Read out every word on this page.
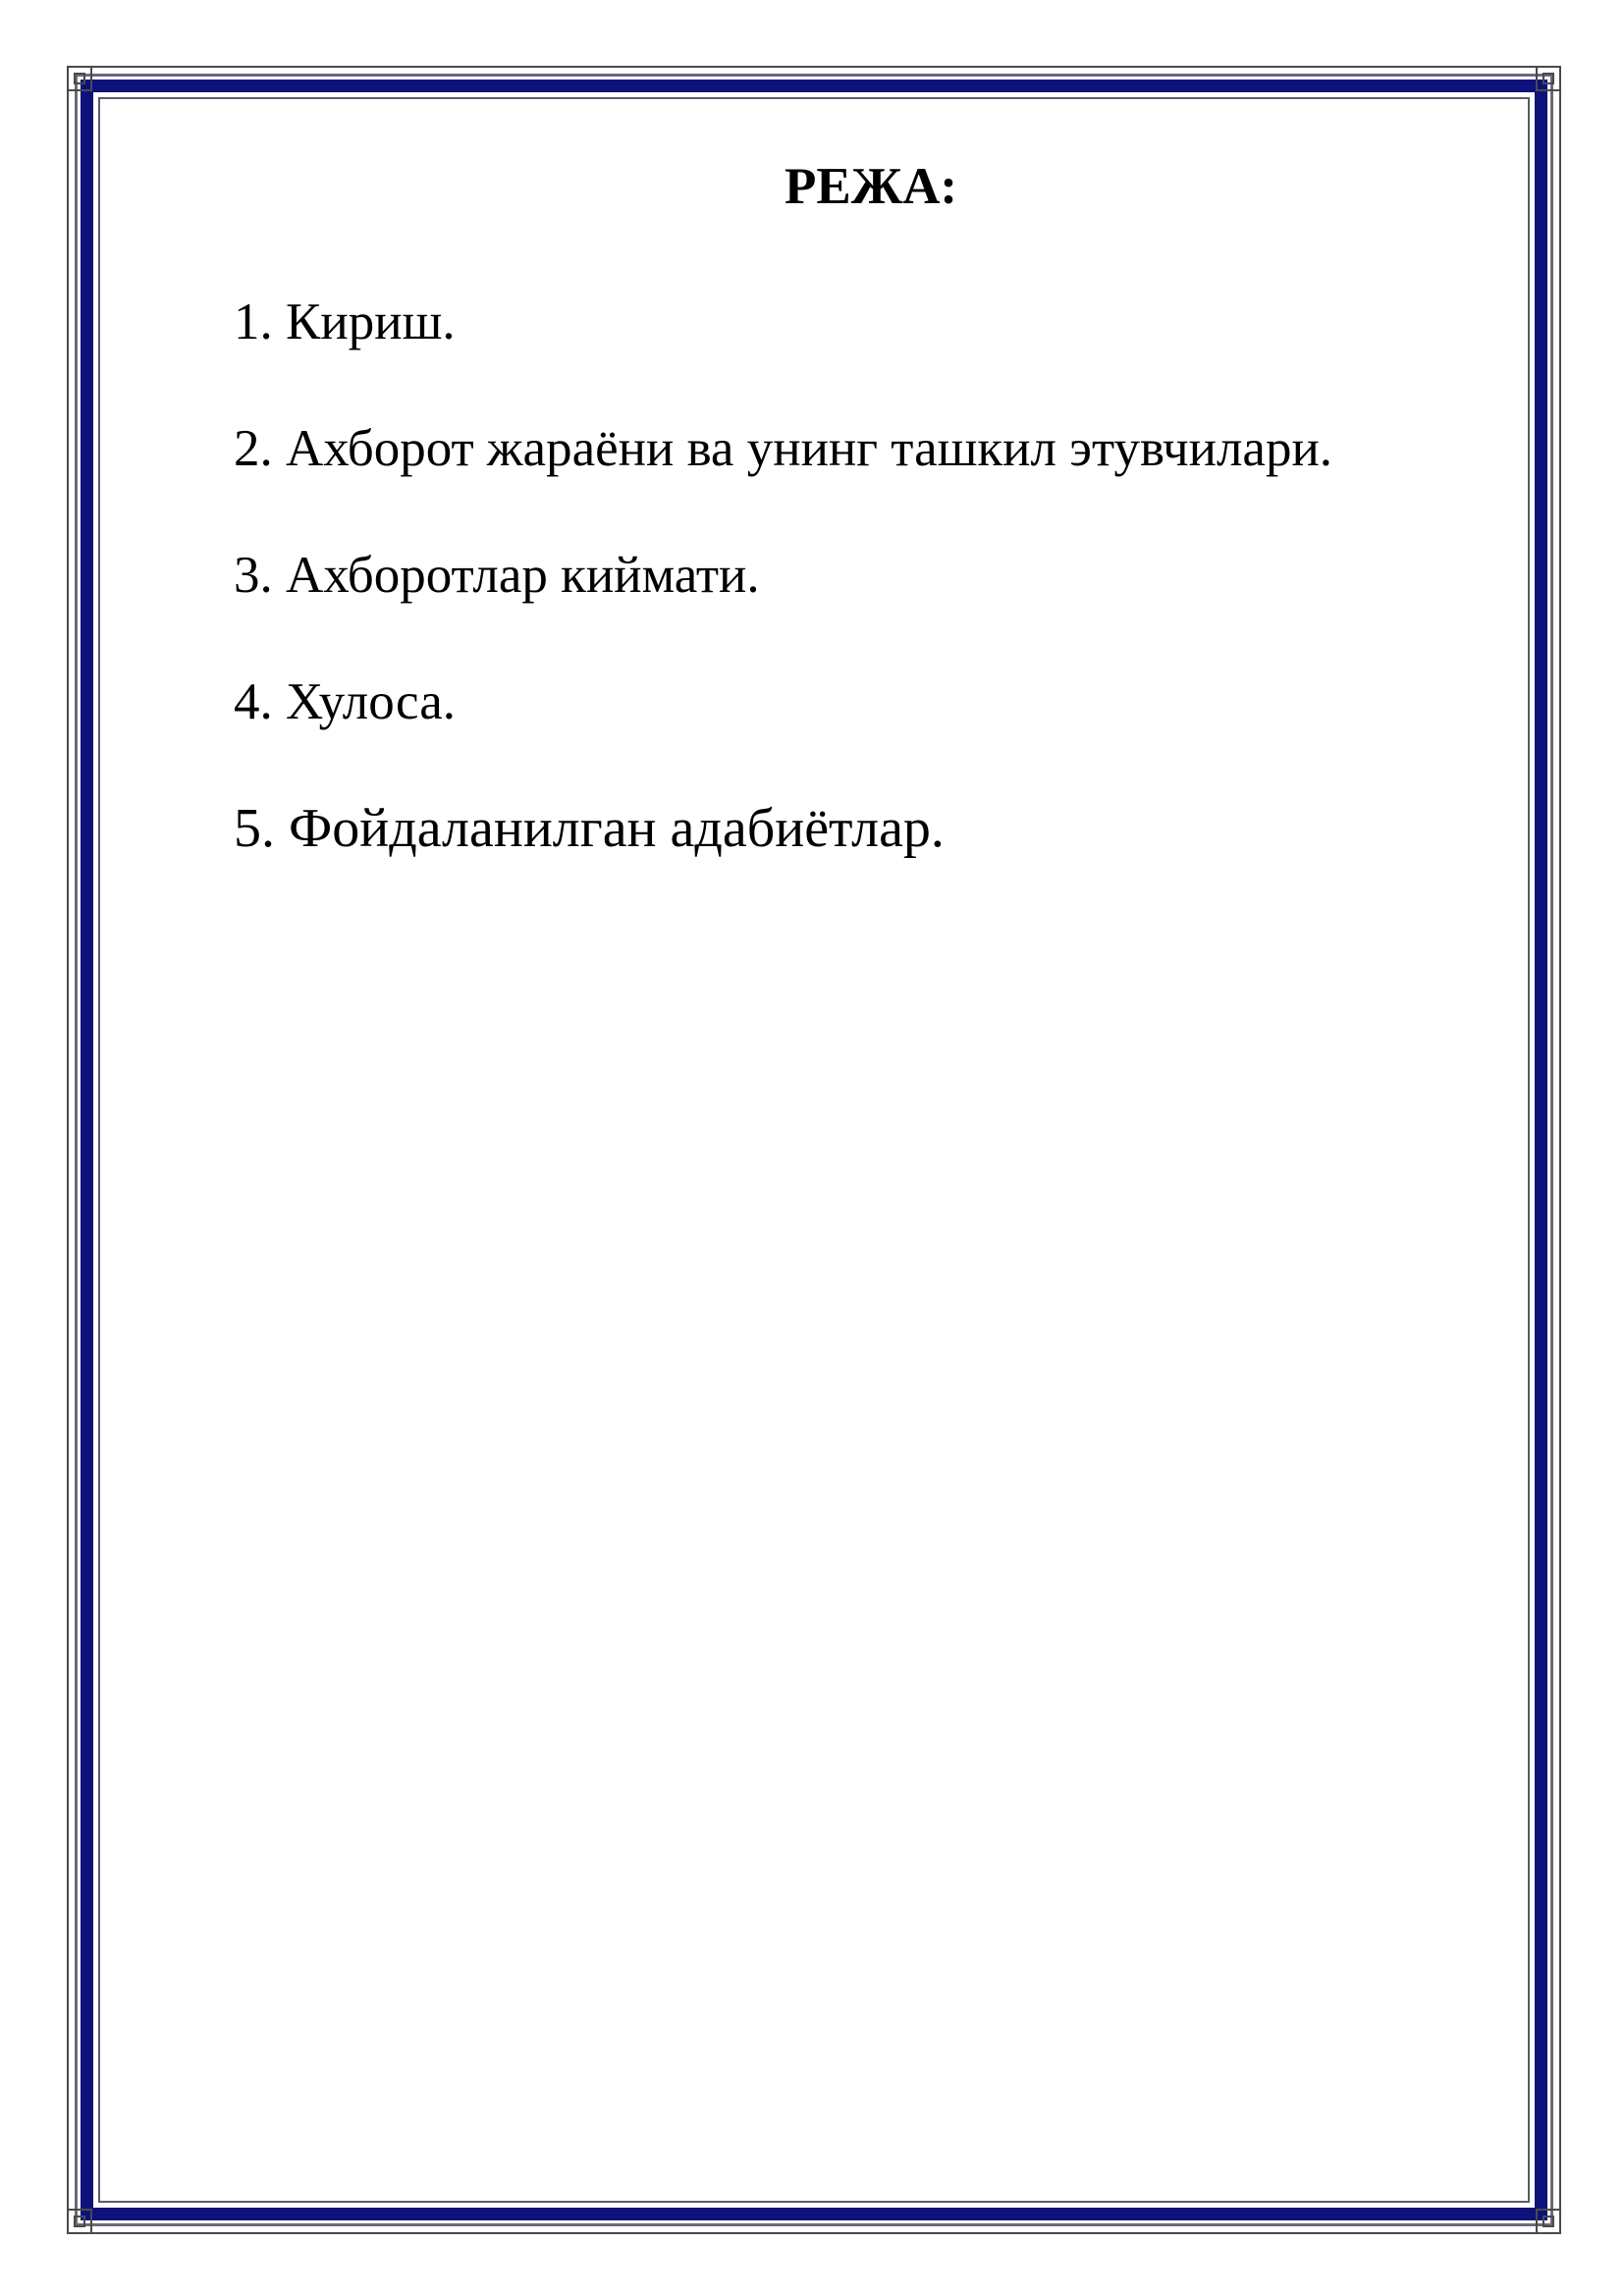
РЕЖА:
1. Кириш.
2. Ахборот жараёни ва унинг ташкил этувчилари.
3. Ахборотлар киймати.
4. Хулоса.
5. Фойдаланилган адабиётлар.
